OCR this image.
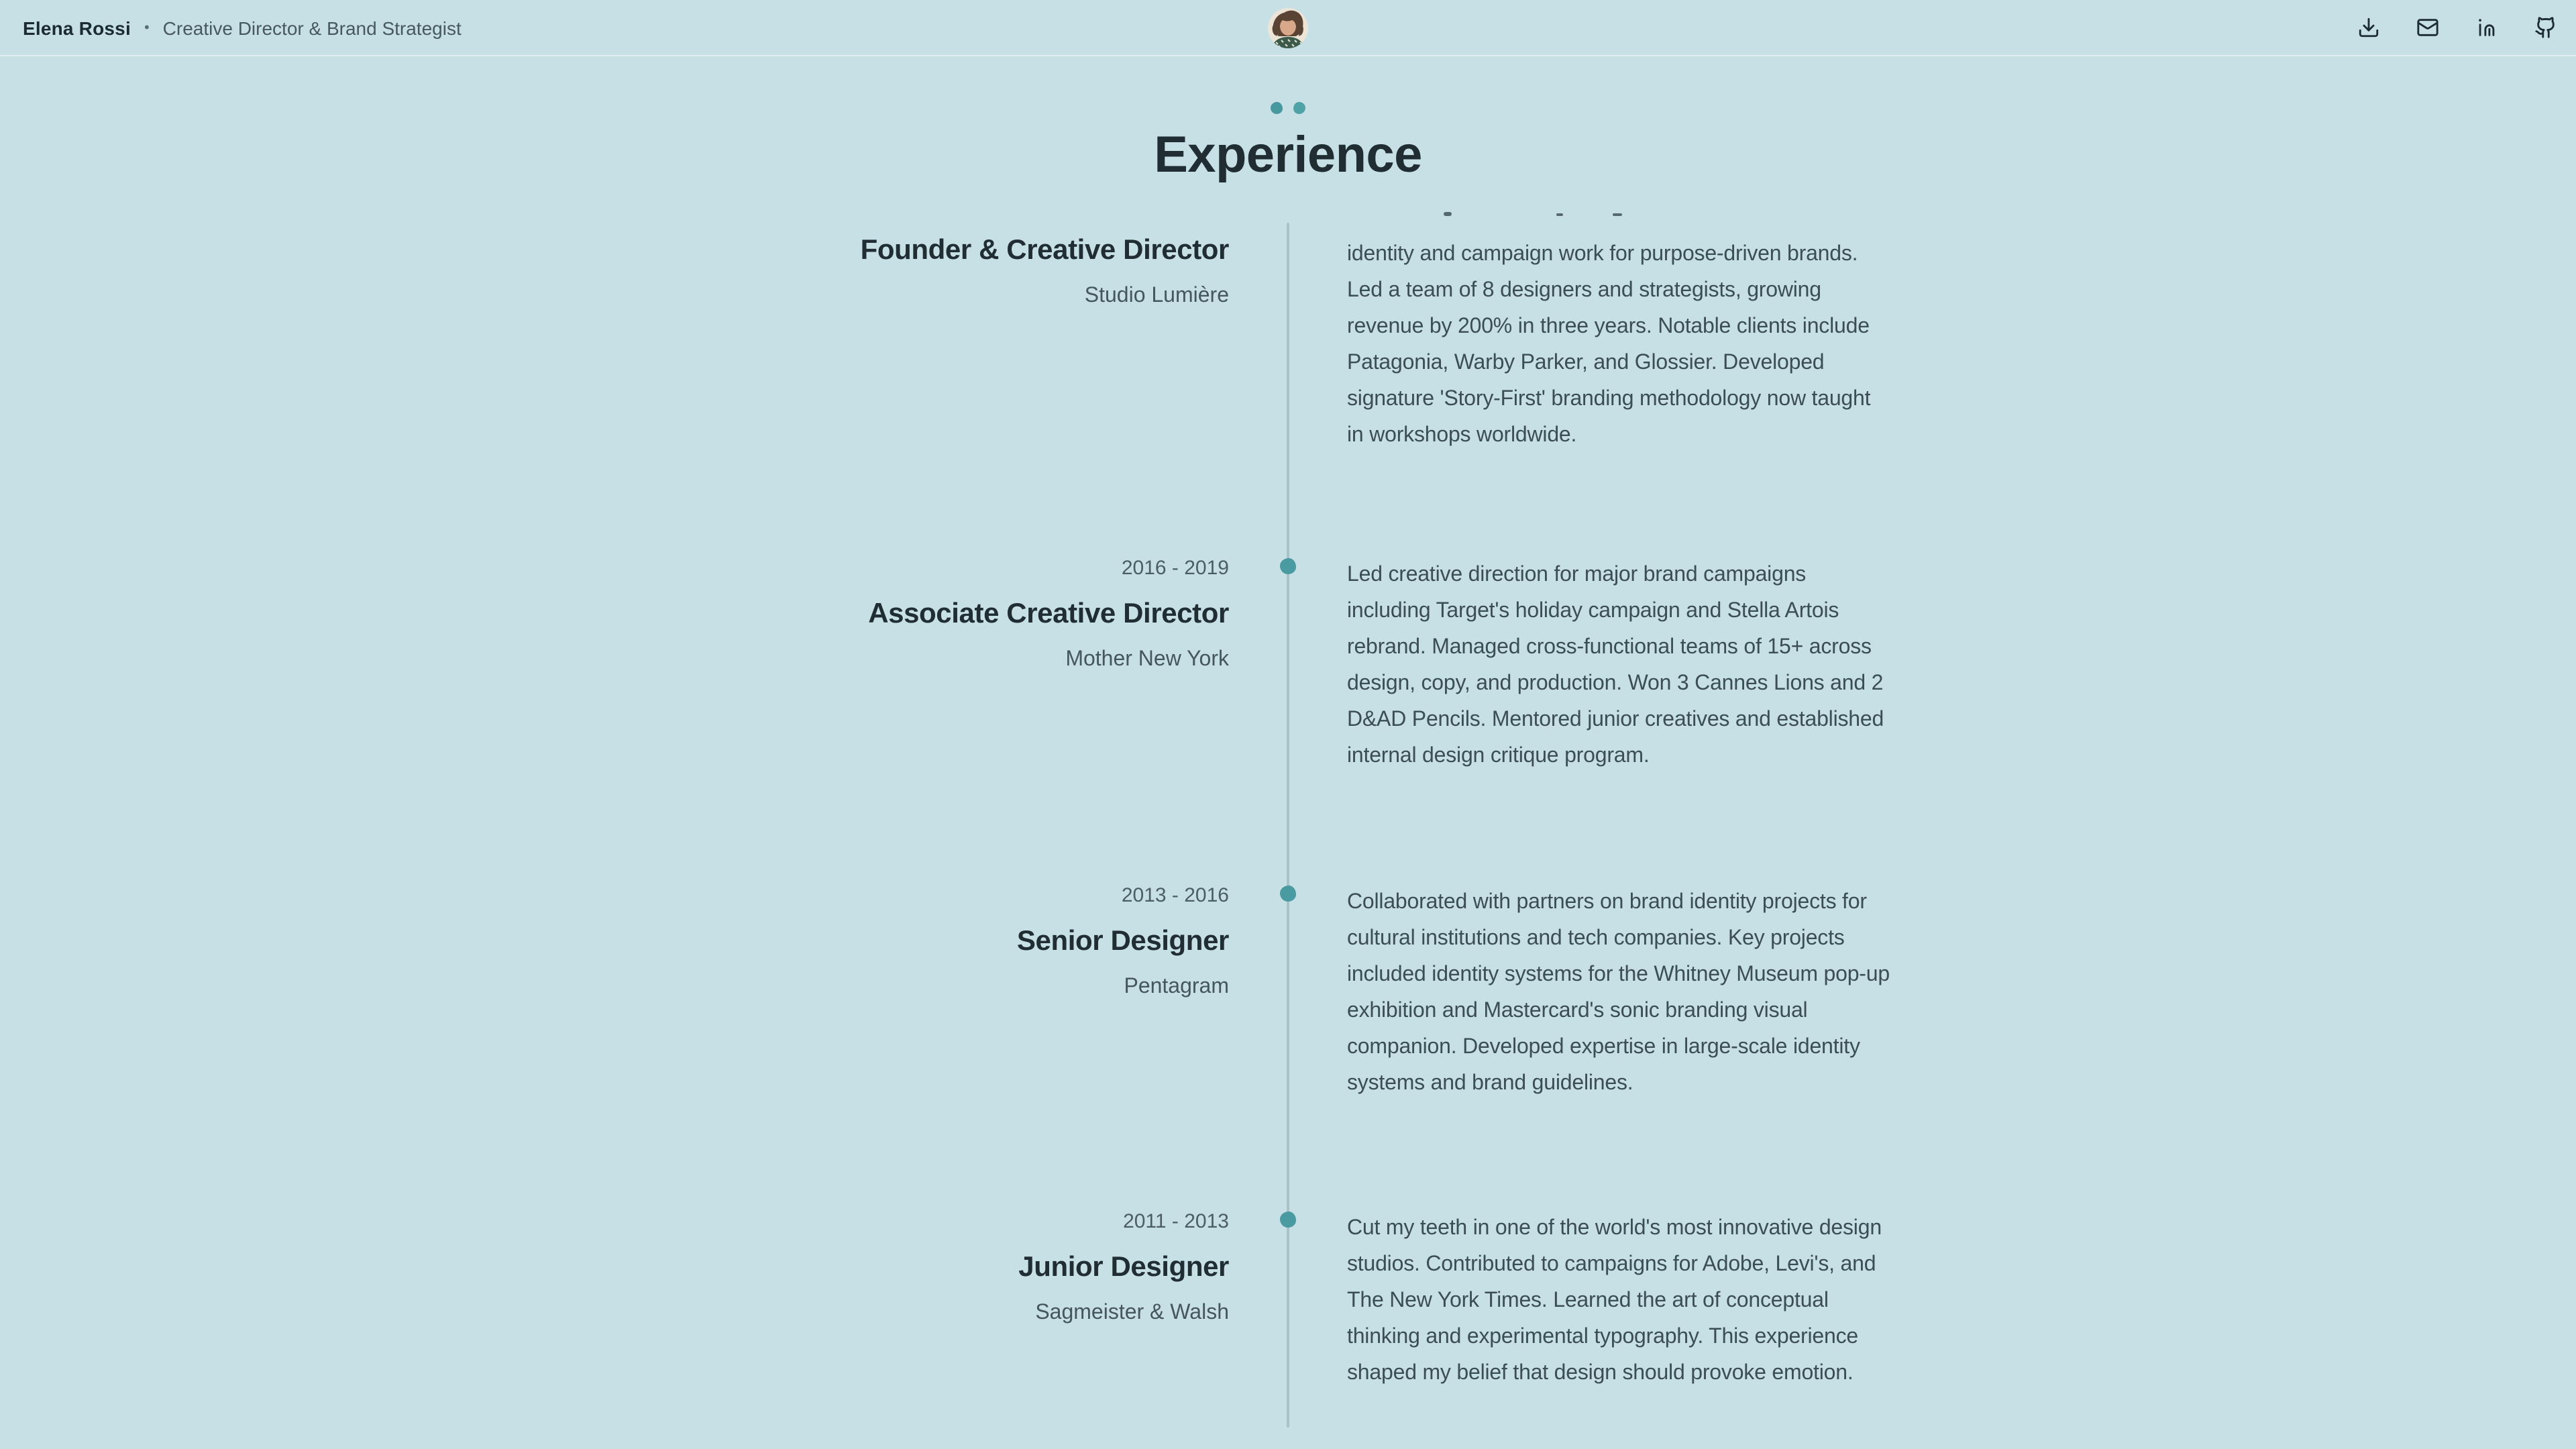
Elena Rossi • Creative Director & Brand Strategist
Experience
Founder & Creative Director
Studio Lumière
identity and campaign work for purpose-driven brands. Led a team of 8 designers and strategists, growing revenue by 200% in three years. Notable clients include Patagonia, Warby Parker, and Glossier. Developed signature 'Story-First' branding methodology now taught in workshops worldwide.
2016 - 2019
Associate Creative Director
Mother New York
Led creative direction for major brand campaigns including Target's holiday campaign and Stella Artois rebrand. Managed cross-functional teams of 15+ across design, copy, and production. Won 3 Cannes Lions and 2 D&AD Pencils. Mentored junior creatives and established internal design critique program.
2013 - 2016
Senior Designer
Pentagram
Collaborated with partners on brand identity projects for cultural institutions and tech companies. Key projects included identity systems for the Whitney Museum pop-up exhibition and Mastercard's sonic branding visual companion. Developed expertise in large-scale identity systems and brand guidelines.
2011 - 2013
Junior Designer
Sagmeister & Walsh
Cut my teeth in one of the world's most innovative design studios. Contributed to campaigns for Adobe, Levi's, and The New York Times. Learned the art of conceptual thinking and experimental typography. This experience shaped my belief that design should provoke emotion.
